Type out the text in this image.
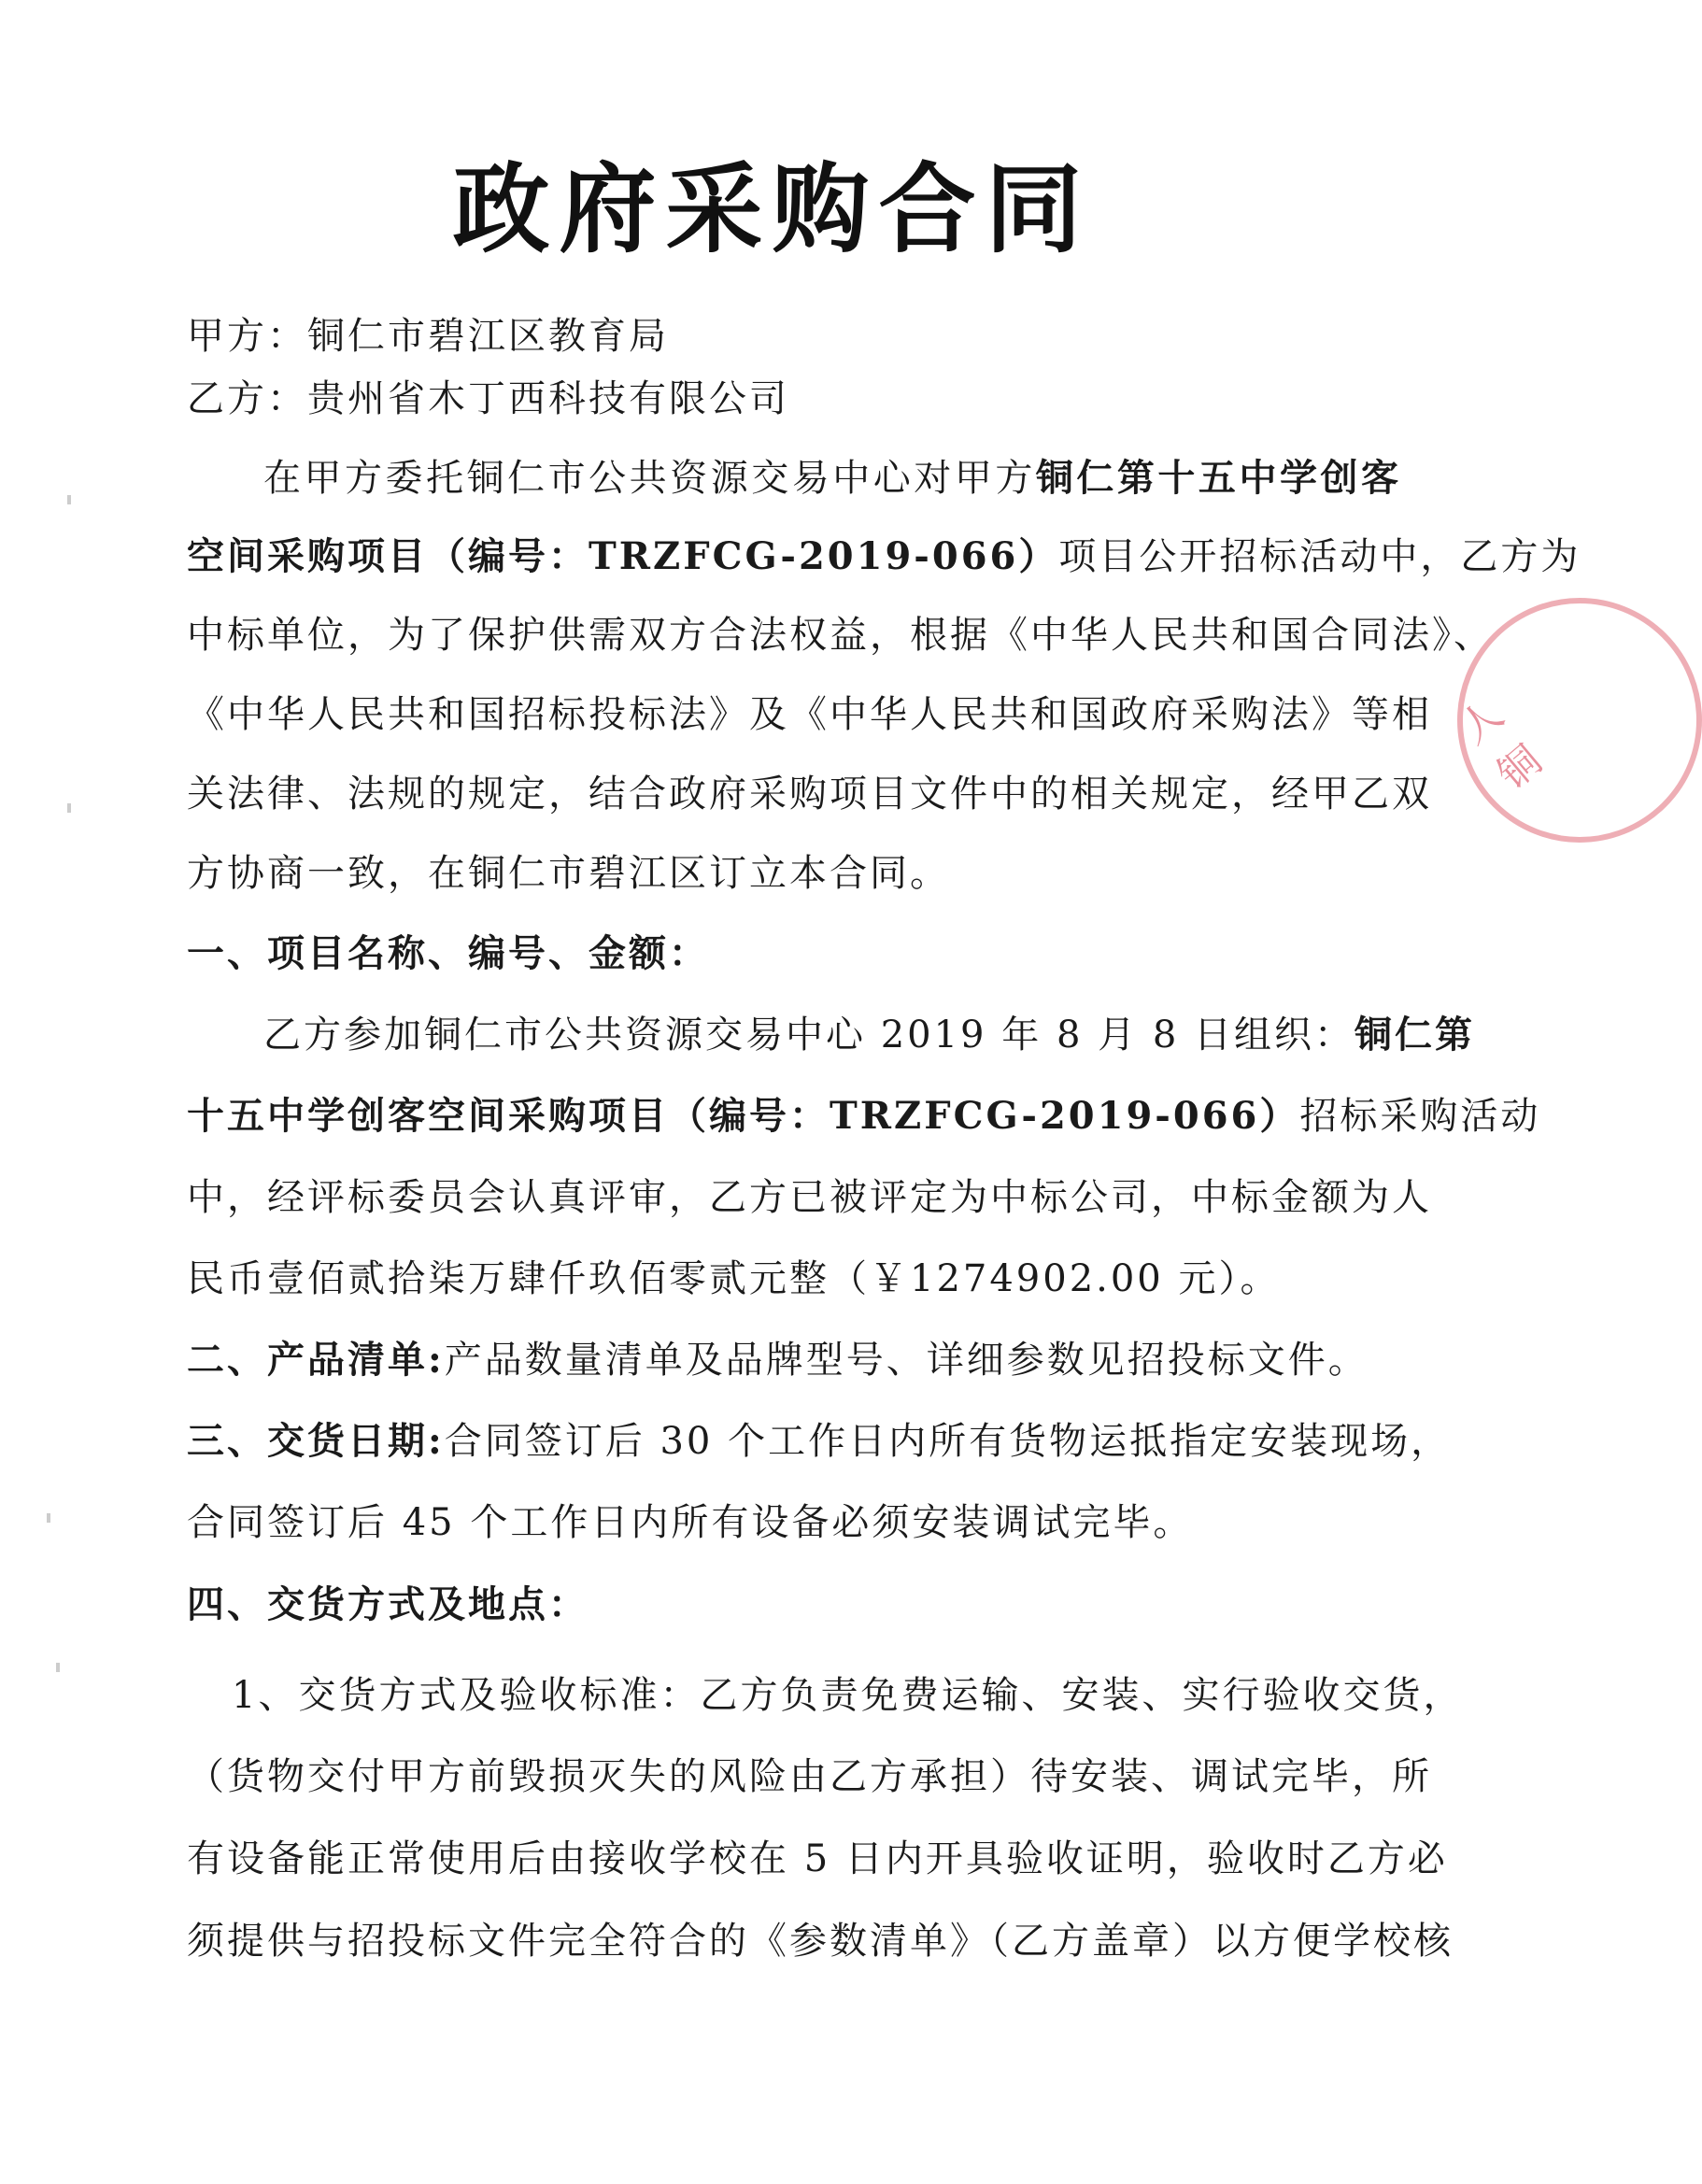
政府采购合同
甲方：铜仁市碧江区教育局
乙方：贵州省木丁西科技有限公司
在甲方委托铜仁市公共资源交易中心对甲方铜仁第十五中学创客
空间采购项目（编号：TRZFCG-2019-066）项目公开招标活动中，乙方为
中标单位，为了保护供需双方合法权益，根据《中华人民共和国合同法》、
《中华人民共和国招标投标法》及《中华人民共和国政府采购法》等相
关法律、法规的规定，结合政府采购项目文件中的相关规定，经甲乙双
方协商一致，在铜仁市碧江区订立本合同。
一、项目名称、编号、金额：
乙方参加铜仁市公共资源交易中心 2019 年 8 月 8 日组织：铜仁第
十五中学创客空间采购项目（编号：TRZFCG-2019-066）招标采购活动
中，经评标委员会认真评审，乙方已被评定为中标公司，中标金额为人
民币壹佰贰拾柒万肆仟玖佰零贰元整（￥1274902.00 元）。
二、产品清单:产品数量清单及品牌型号、详细参数见招投标文件。
三、交货日期:合同签订后 30 个工作日内所有货物运抵指定安装现场，
合同签订后 45 个工作日内所有设备必须安装调试完毕。
四、交货方式及地点：
1、交货方式及验收标准：乙方负责免费运输、安装、实行验收交货，
（货物交付甲方前毁损灭失的风险由乙方承担）待安装、调试完毕，所
有设备能正常使用后由接收学校在 5 日内开具验收证明，验收时乙方必
须提供与招投标文件完全符合的《参数清单》（乙方盖章）以方便学校核
人 铜
